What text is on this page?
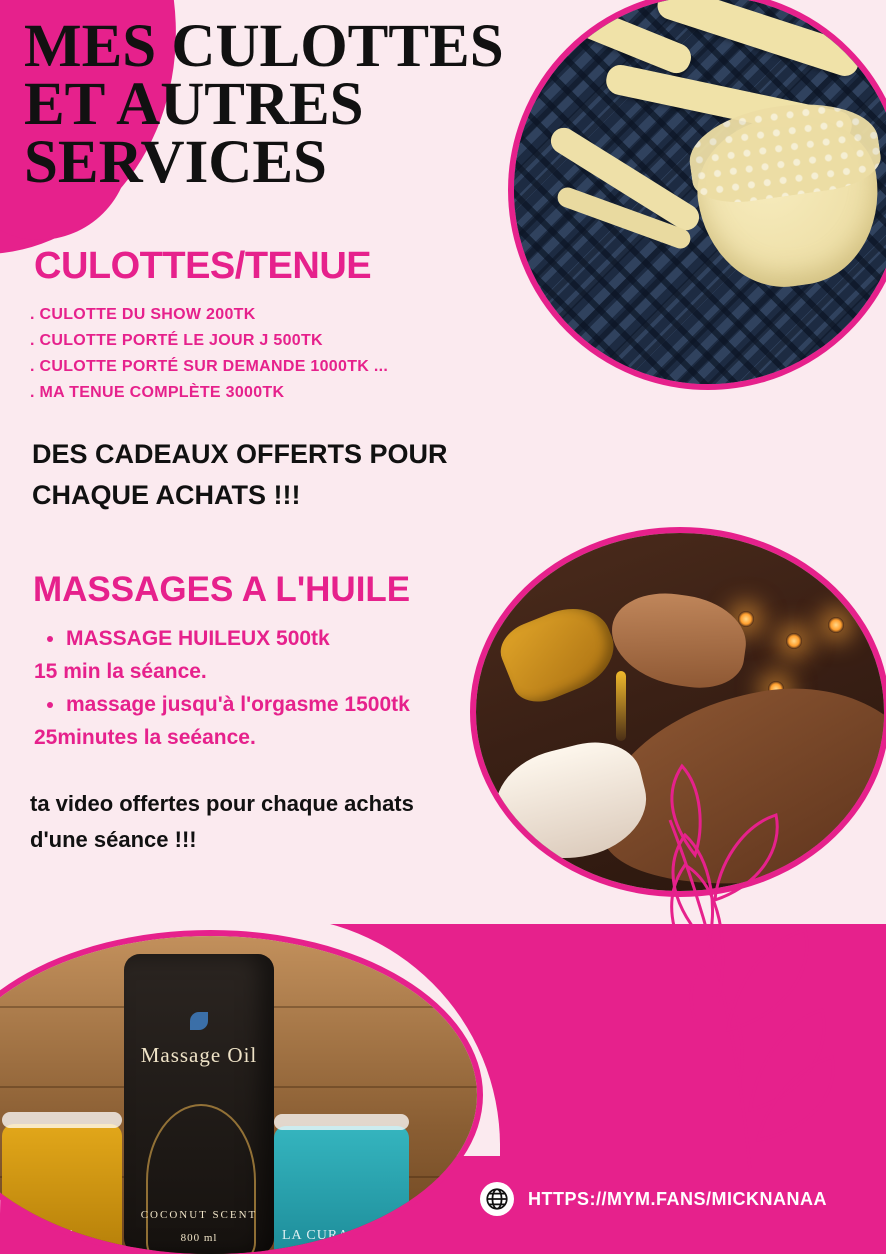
MES CULOTTES ET AUTRES SERVICES
CULOTTES/TENUE
. CULOTTE DU SHOW 200TK
. CULOTTE PORTÉ LE JOUR J 500TK
. CULOTTE PORTÉ SUR DEMANDE 1000TK ...
. MA TENUE COMPLÈTE 3000TK
DES CADEAUX OFFERTS POUR CHAQUE ACHATS !!!
MASSAGES A L'HUILE
• MASSAGE HUILEUX 500tk
15 min la séance.
• massage jusqu'à l'orgasme 1500tk
25minutes la seéance.
ta video offertes pour chaque achats d'une séance !!!
Massage Oil
COCONUT SCENT
800 ml
LA CURA	LA CURA
HTTPS://MYM.FANS/MICKNANAA
